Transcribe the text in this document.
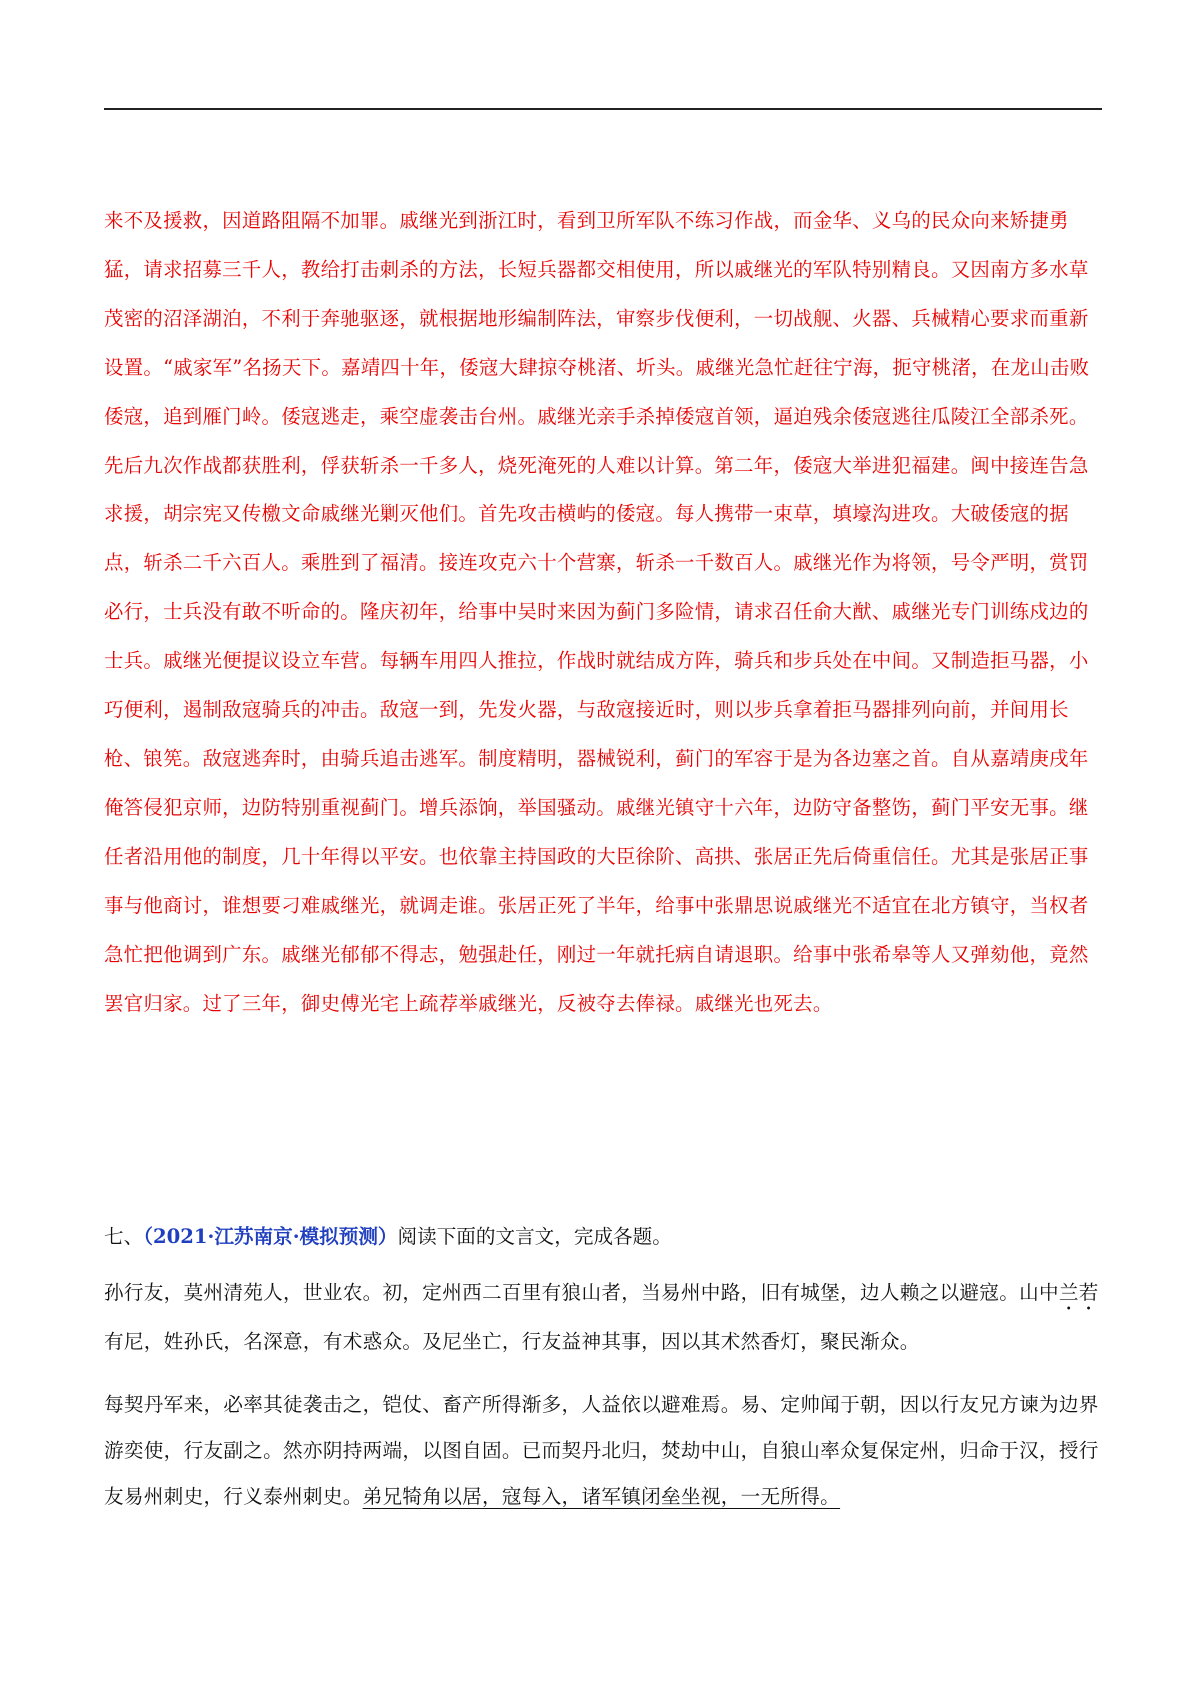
来不及援救，因道路阻隔不加罪。戚继光到浙江时，看到卫所军队不练习作战，而金华、义乌的民众向来矫捷勇猛，请求招募三千人，教给打击刺杀的方法，长短兵器都交相使用，所以戚继光的军队特别精良。又因南方多水草茂密的沼泽湖泊，不利于奔驰驱逐，就根据地形编制阵法，审察步伐便利，一切战舰、火器、兵械精心要求而重新设置。“戚家军”名扬天下。嘉靖四十年，倭寇大肆掠夺桃渚、圻头。戚继光急忙赶往宁海，扼守桃渚，在龙山击败倭寇，追到雁门岭。倭寇逃走，乘空虚袭击台州。戚继光亲手杀掉倭寇首领，逼迫残余倭寇逃往瓜陵江全部杀死。先后九次作战都获胜利，俘获斩杀一千多人，烧死淹死的人难以计算。第二年，倭寇大举进犯福建。闽中接连告急求援，胡宗宪又传檄文命戚继光剿灭他们。首先攻击横屿的倭寇。每人携带一束草，填壕沟进攻。大破倭寇的据点，斩杀二千六百人。乘胜到了福清。接连攻克六十个营寨，斩杀一千数百人。戚继光作为将领，号令严明，赏罚必行，士兵没有敢不听命的。隆庆初年，给事中吴时来因为蓟门多险情，请求召任俞大猷、戚继光专门训练戍边的士兵。戚继光便提议设立车营。每辆车用四人推拉，作战时就结成方阵，骑兵和步兵处在中间。又制造拒马器，小巧便利，遏制敌寇骑兵的冲击。敌寇一到，先发火器，与敌寇接近时，则以步兵拿着拒马器排列向前，并间用长枪、锒筅。敌寇逃奔时，由骑兵追击逃军。制度精明，器械锐利，蓟门的军容于是为各边塞之首。自从嘉靖庚戌年俺答侵犯京师，边防特别重视蓟门。增兵添饷，举国骚动。戚继光镇守十六年，边防守备整饬，蓟门平安无事。继任者沿用他的制度，几十年得以平安。也依靠主持国政的大臣徐阶、高拱、张居正先后倚重信任。尤其是张居正事事与他商讨，谁想要刁难戚继光，就调走谁。张居正死了半年，给事中张鼎思说戚继光不适宜在北方镇守，当权者急忙把他调到广东。戚继光郁郁不得志，勉强赴任，刚过一年就托病自请退职。给事中张希皋等人又弹劾他，竟然罢官归家。过了三年，御史傅光宅上疏荐举戚继光，反被夺去俸禄。戚继光也死去。

七、（2021·江苏南京·模拟预测）阅读下面的文言文，完成各题。

孙行友，莫州清苑人，世业农。初，定州西二百里有狼山者，当易州中路，旧有城堡，边人赖之以避寇。山中兰若有尼，姓孙氏，名深意，有术惑众。及尼坐亡，行友益神其事，因以其术然香灯，聚民渐众。

每契丹军来，必率其徒袭击之，铠仗、畜产所得渐多，人益依以避难焉。易、定帅闻于朝，因以行友兄方谏为边界游奕使，行友副之。然亦阴持两端，以图自固。已而契丹北归，焚劫中山，自狼山率众复保定州，归命于汉，授行友易州刺史，行义泰州刺史。弟兄犄角以居，寇每入，诸军镇闭垒坐视，一无所得。
